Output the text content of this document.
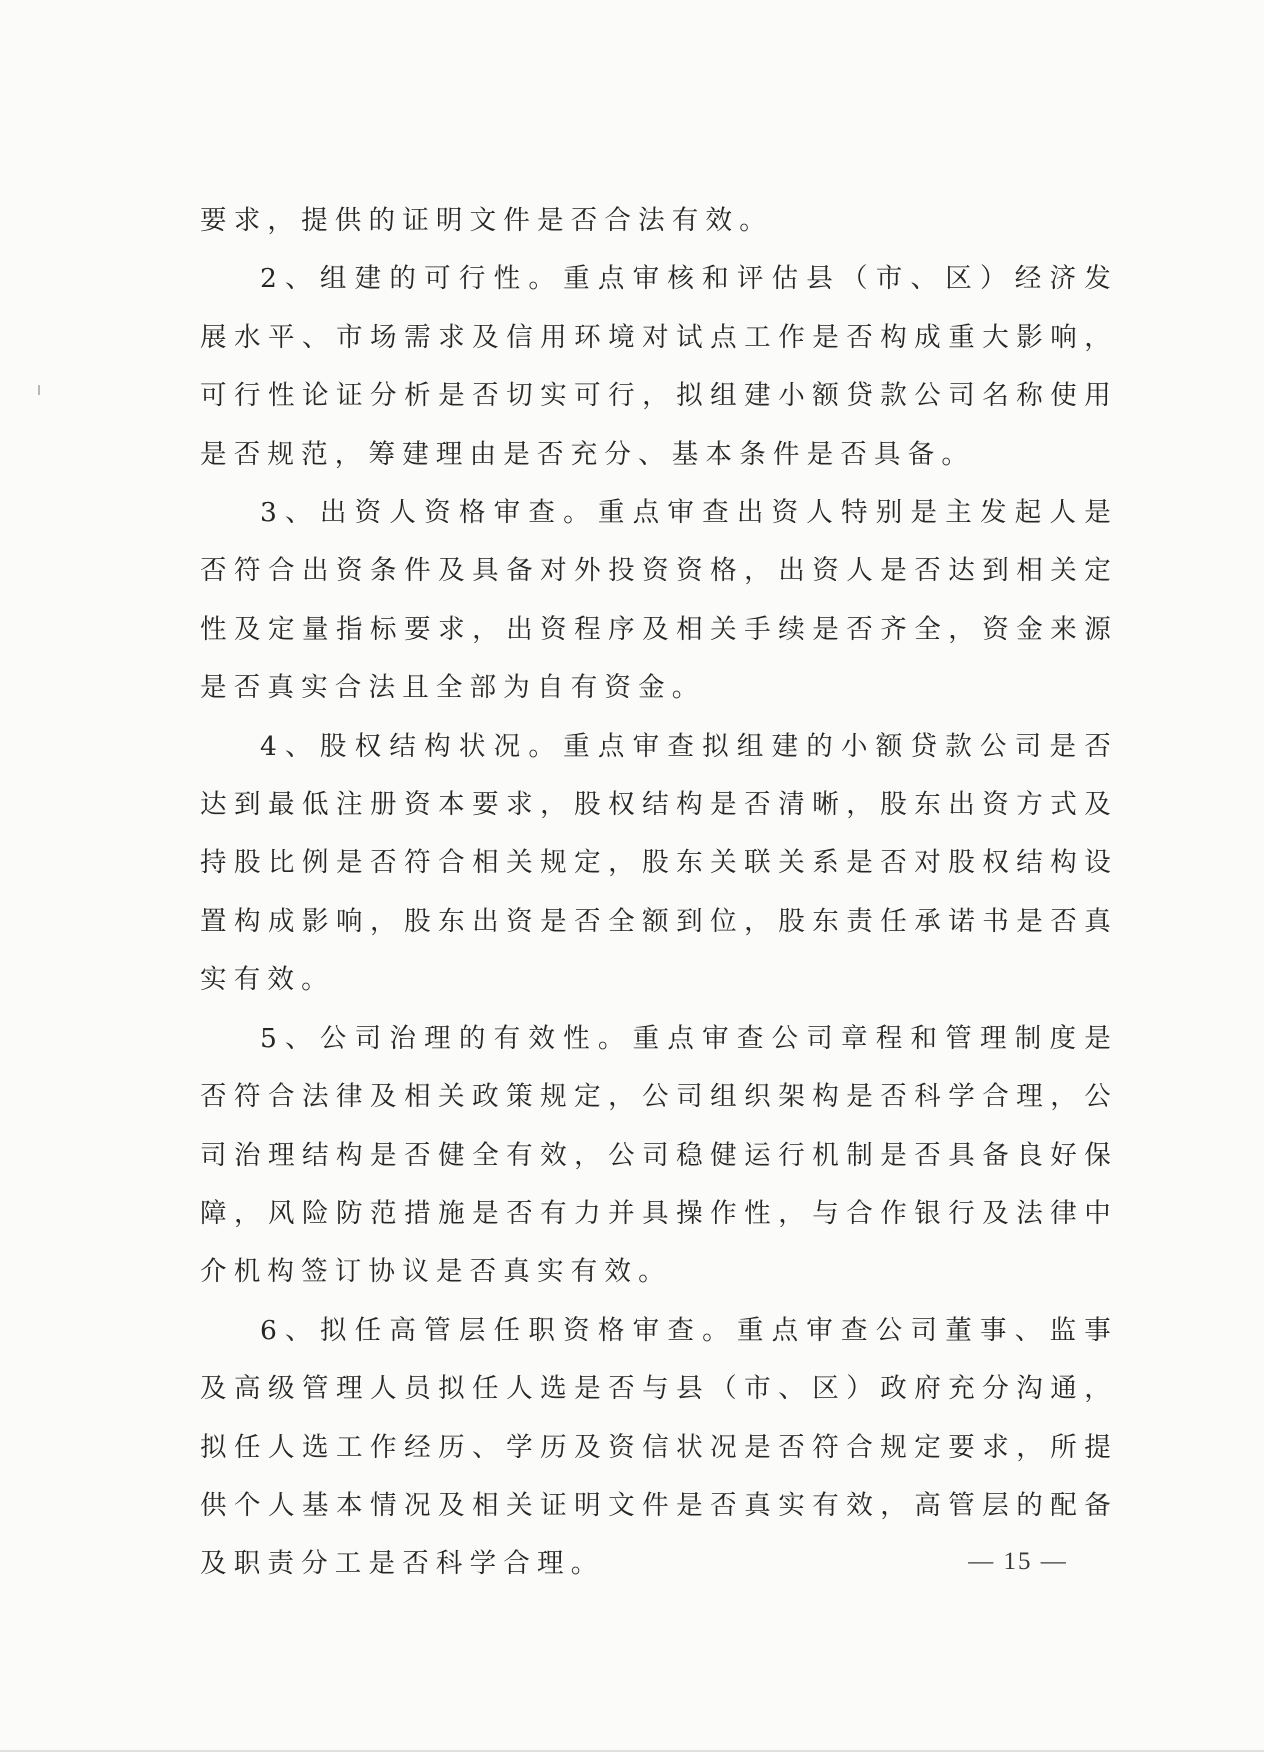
要求，提供的证明文件是否合法有效。

2、组建的可行性。重点审核和评估县（市、区）经济发展水平、市场需求及信用环境对试点工作是否构成重大影响，可行性论证分析是否切实可行，拟组建小额贷款公司名称使用是否规范，筹建理由是否充分、基本条件是否具备。

3、出资人资格审查。重点审查出资人特别是主发起人是否符合出资条件及具备对外投资资格，出资人是否达到相关定性及定量指标要求，出资程序及相关手续是否齐全，资金来源是否真实合法且全部为自有资金。

4、股权结构状况。重点审查拟组建的小额贷款公司是否达到最低注册资本要求，股权结构是否清晰，股东出资方式及持股比例是否符合相关规定，股东关联关系是否对股权结构设置构成影响，股东出资是否全额到位，股东责任承诺书是否真实有效。

5、公司治理的有效性。重点审查公司章程和管理制度是否符合法律及相关政策规定，公司组织架构是否科学合理，公司治理结构是否健全有效，公司稳健运行机制是否具备良好保障，风险防范措施是否有力并具操作性，与合作银行及法律中介机构签订协议是否真实有效。

6、拟任高管层任职资格审查。重点审查公司董事、监事及高级管理人员拟任人选是否与县（市、区）政府充分沟通，拟任人选工作经历、学历及资信状况是否符合规定要求，所提供个人基本情况及相关证明文件是否真实有效，高管层的配备及职责分工是否科学合理。	— 15 —
